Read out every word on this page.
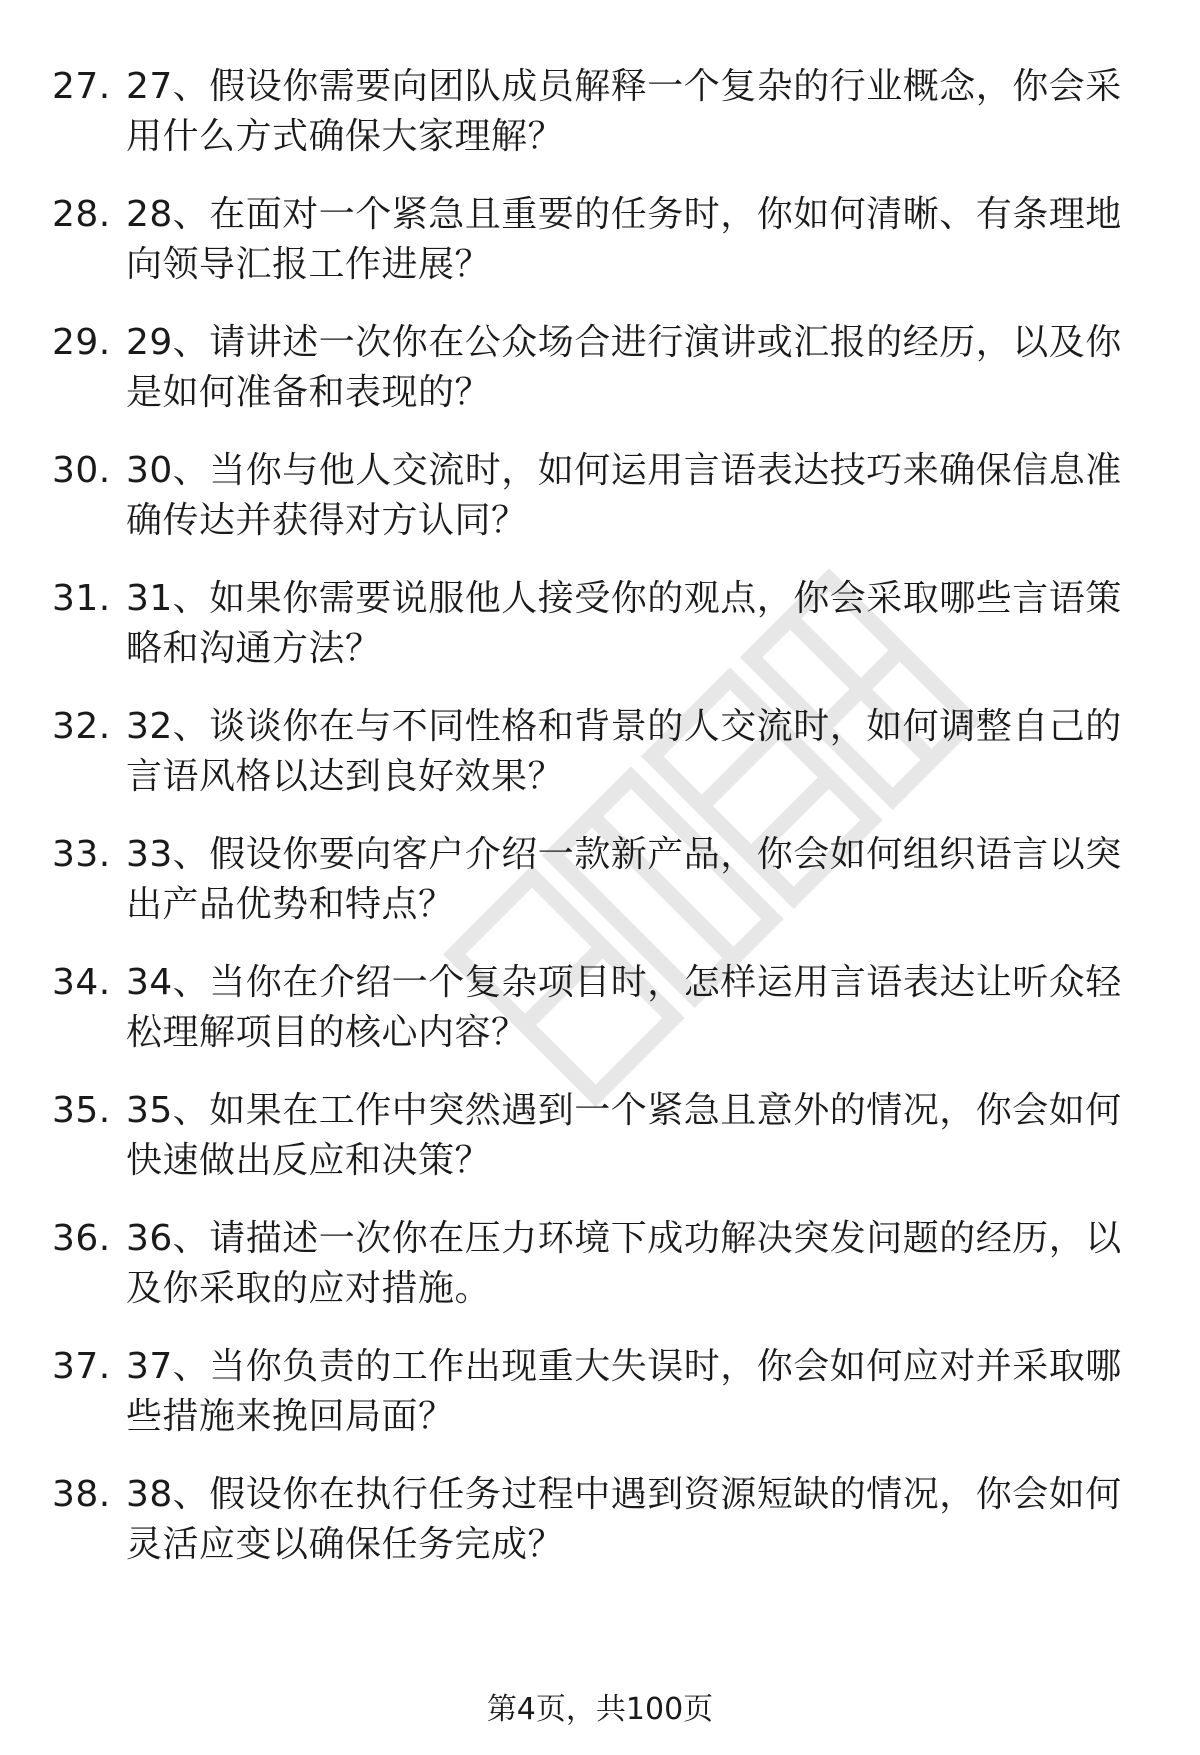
27. 27、假设你需要向团队成员解释一个复杂的行业概念，你会采用什么方式确保大家理解？
28. 28、在面对一个紧急且重要的任务时，你如何清晰、有条理地向领导汇报工作进展？
29. 29、请讲述一次你在公众场合进行演讲或汇报的经历，以及你是如何准备和表现的？
30. 30、当你与他人交流时，如何运用言语表达技巧来确保信息准确传达并获得对方认同？
31. 31、如果你需要说服他人接受你的观点，你会采取哪些言语策略和沟通方法？
32. 32、谈谈你在与不同性格和背景的人交流时，如何调整自己的言语风格以达到良好效果？
33. 33、假设你要向客户介绍一款新产品，你会如何组织语言以突出产品优势和特点？
34. 34、当你在介绍一个复杂项目时，怎样运用言语表达让听众轻松理解项目的核心内容？
35. 35、如果在工作中突然遇到一个紧急且意外的情况，你会如何快速做出反应和决策？
36. 36、请描述一次你在压力环境下成功解决突发问题的经历，以及你采取的应对措施。
37. 37、当你负责的工作出现重大失误时，你会如何应对并采取哪些措施来挽回局面？
38. 38、假设你在执行任务过程中遇到资源短缺的情况，你会如何灵活应变以确保任务完成？
第4页，共100页
